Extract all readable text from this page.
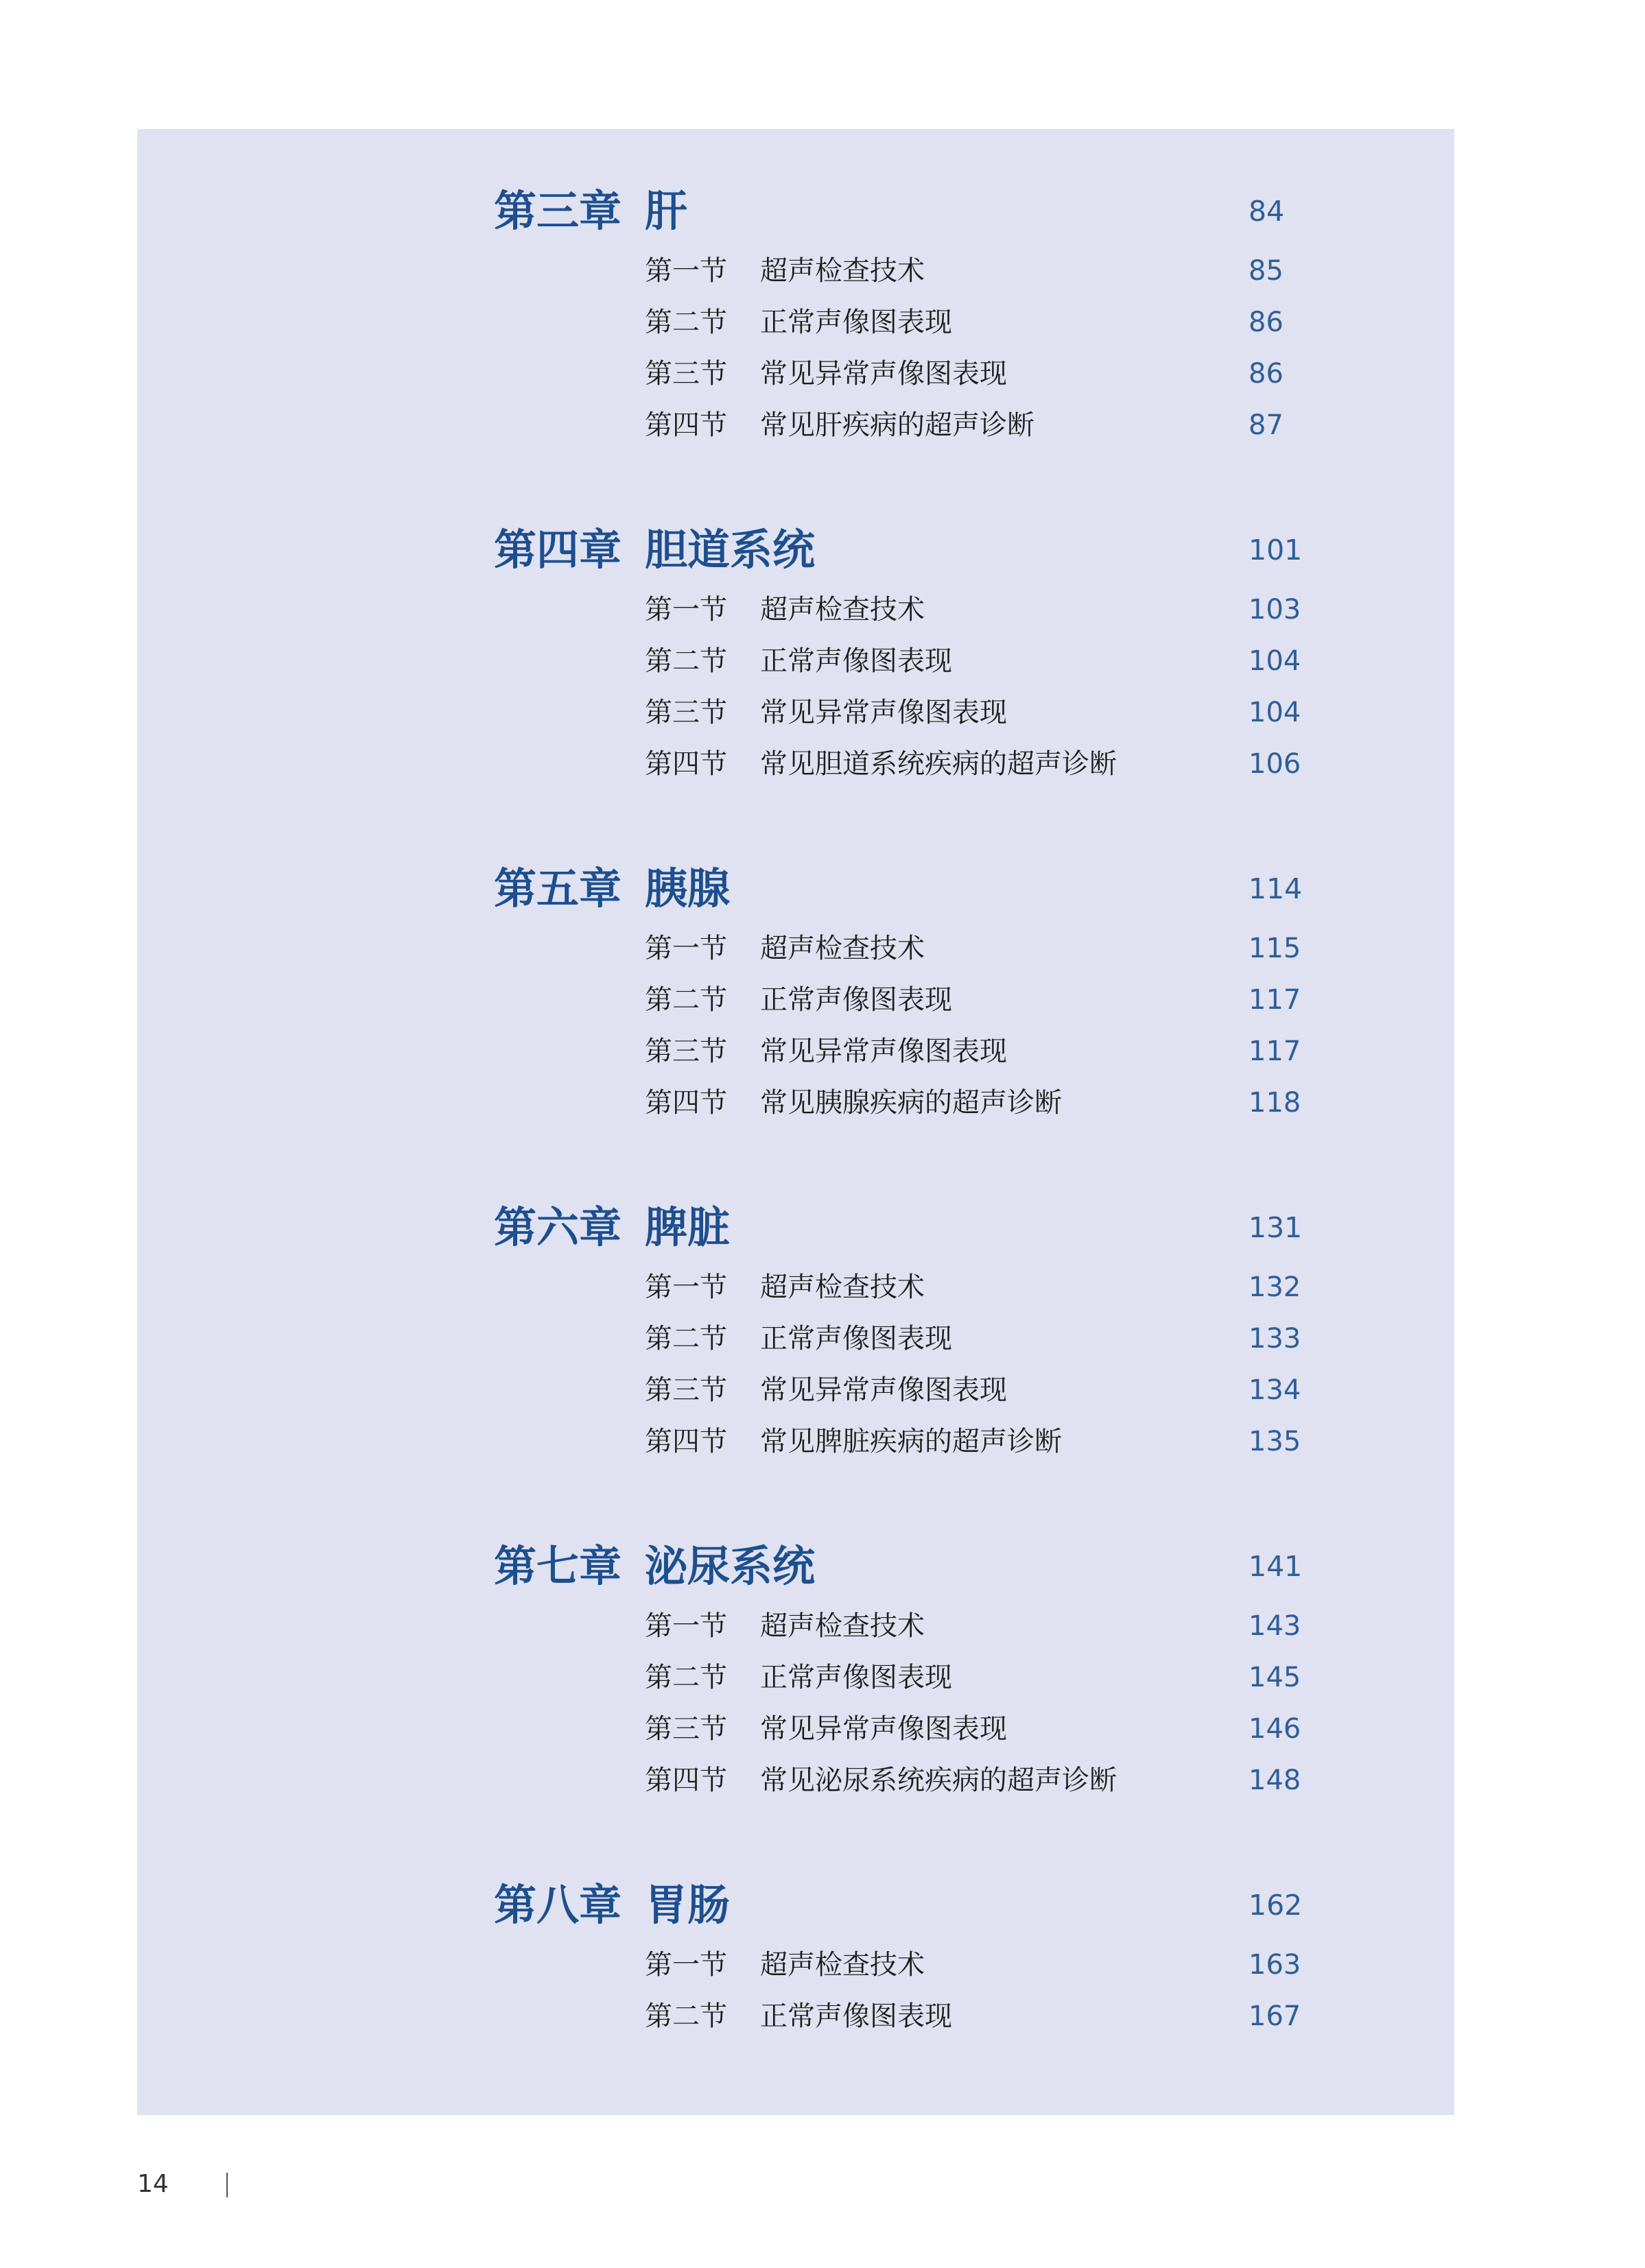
第三章 肝	84
第一节 超声检查技术	85
第二节 正常声像图表现	86
第三节 常见异常声像图表现	86
第四节 常见肝疾病的超声诊断	87
第四章 胆道系统	101
第一节 超声检查技术	103
第二节 正常声像图表现	104
第三节 常见异常声像图表现	104
第四节 常见胆道系统疾病的超声诊断	106
第五章 胰腺	114
第一节 超声检查技术	115
第二节 正常声像图表现	117
第三节 常见异常声像图表现	117
第四节 常见胰腺疾病的超声诊断	118
第六章 脾脏	131
第一节 超声检查技术	132
第二节 正常声像图表现	133
第三节 常见异常声像图表现	134
第四节 常见脾脏疾病的超声诊断	135
第七章 泌尿系统	141
第一节 超声检查技术	143
第二节 正常声像图表现	145
第三节 常见异常声像图表现	146
第四节 常见泌尿系统疾病的超声诊断	148
第八章 胃肠	162
第一节 超声检查技术	163
第二节 正常声像图表现	167
14
